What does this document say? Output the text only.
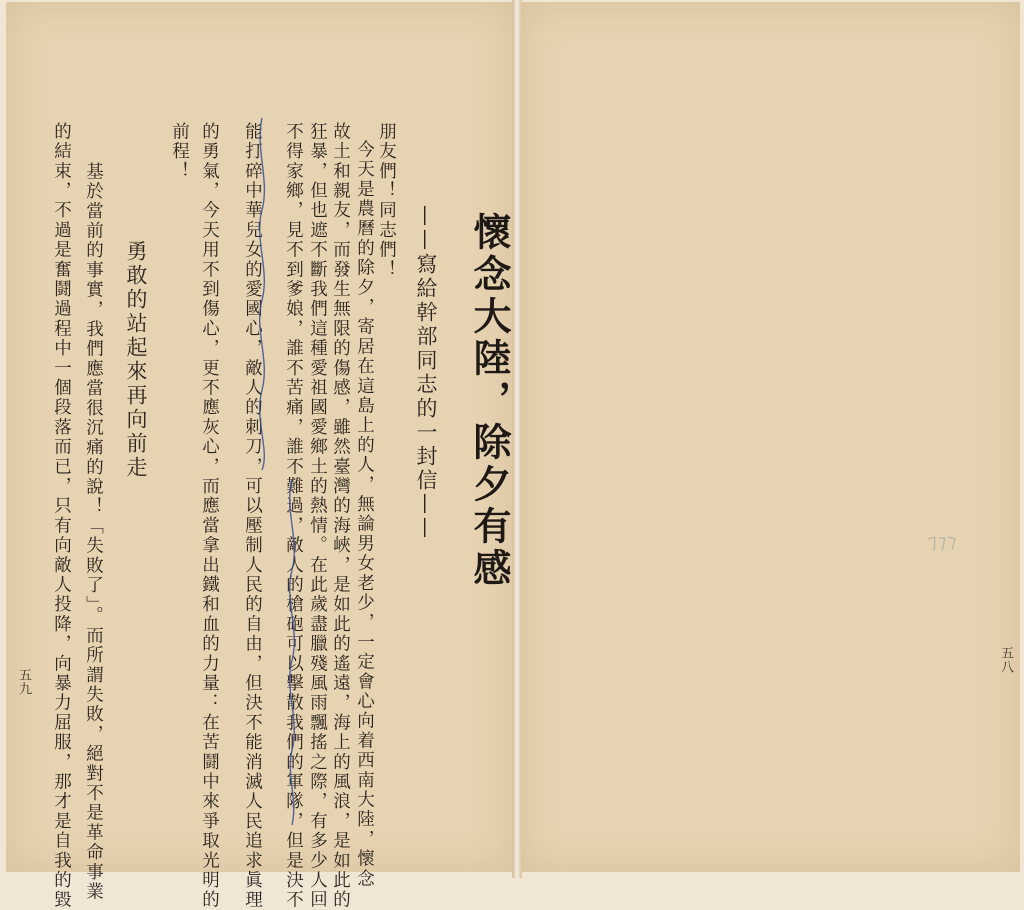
懷念大陸，除夕有感
——寫給幹部同志的一封信——
朋友們！同志們！
今天是農曆的除夕，寄居在這島上的人，無論男女老少，一定會心向着西南大陸，懷念
故土和親友，而發生無限的傷感，雖然臺灣的海峽，是如此的遙遠，海上的風浪，是如此的
狂暴，但也遮不斷我們這種愛祖國愛鄉土的熱情。在此歲盡臘殘風雨飄搖之際，有多少人回
不得家鄉，見不到爹娘，誰不苦痛，誰不難過，敵人的槍砲可以擊散我們的軍隊，但是決不
能打碎中華兒女的愛國心，敵人的刺刀，可以壓制人民的自由，但決不能消滅人民追求眞理
的勇氣，今天用不到傷心，更不應灰心，而應當拿出鐵和血的力量：在苦鬪中來爭取光明的
前程！
勇敢的站起來再向前走
基於當前的事實，我們應當很沉痛的說！「失敗了」。而所謂失敗，絕對不是革命事業
的結束，不過是奮鬪過程中一個段落而已，只有向敵人投降，向暴力屈服，那才是自我的毀
五九
五八
